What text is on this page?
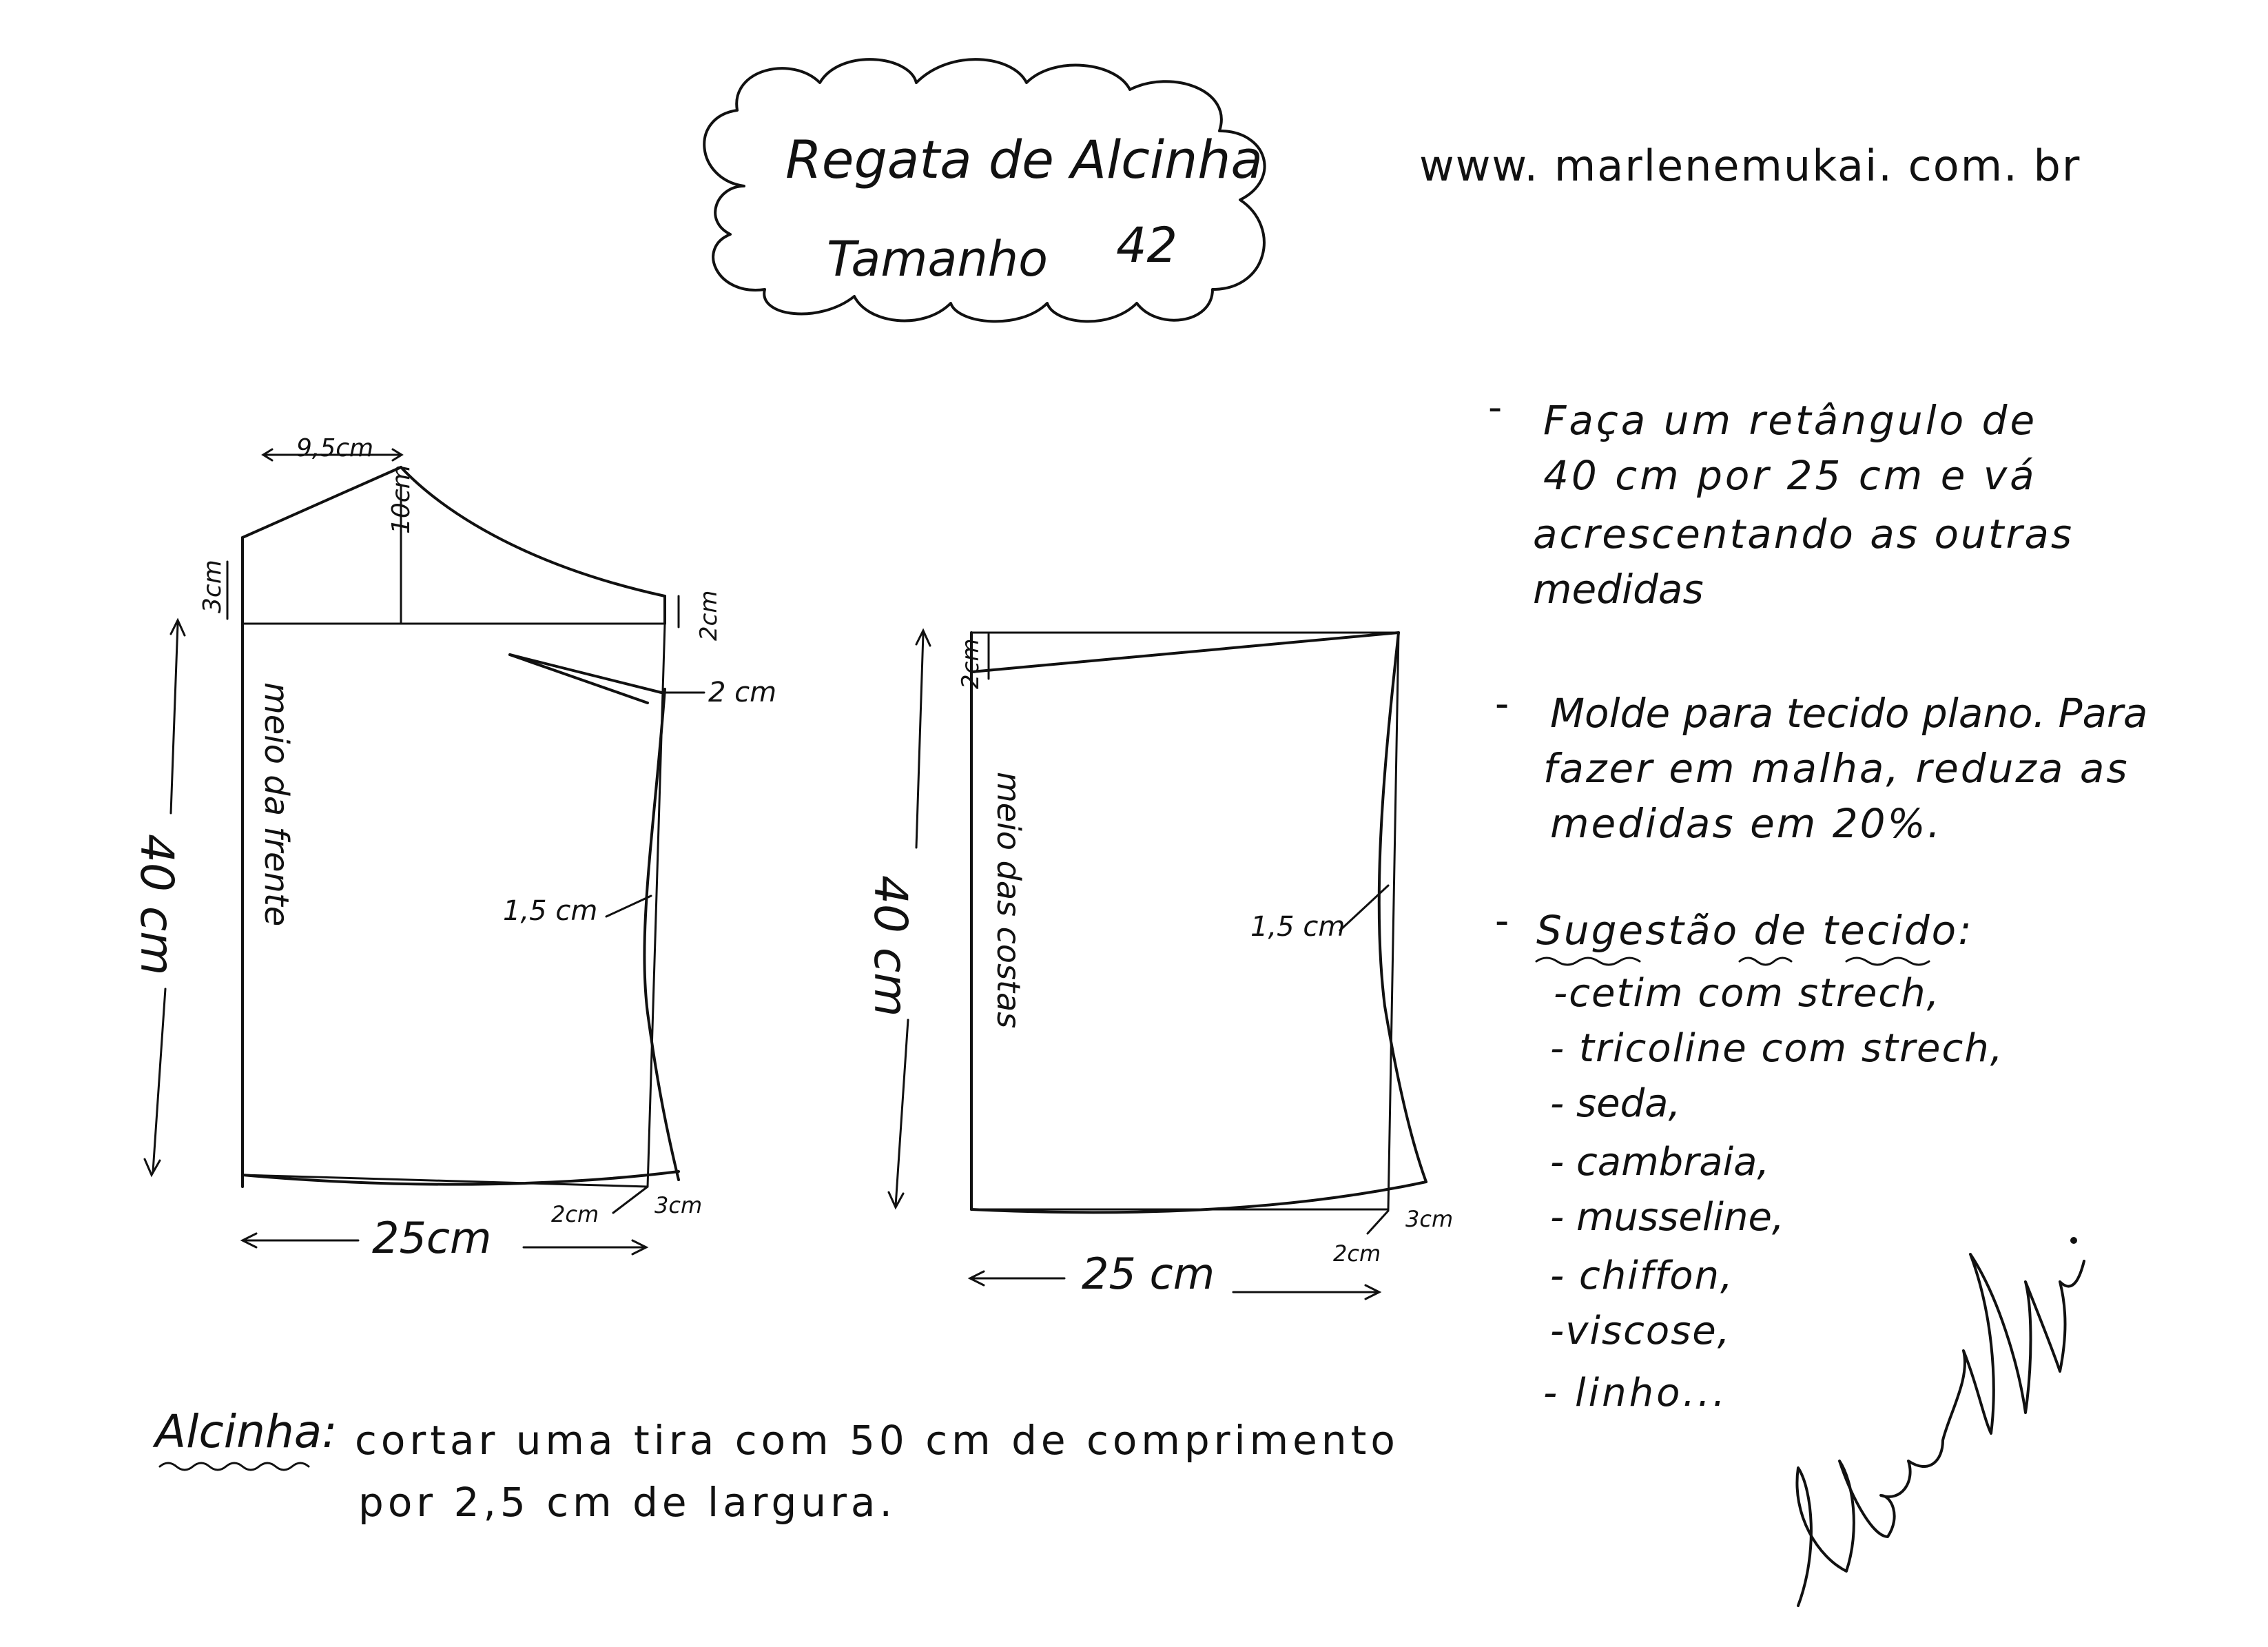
Regata de Alcinha
Tamanho 42
www. marlenemukai. com. br
9,5cm
10cm
3cm
2cm
2 cm
1,5 cm
2cm	3cm
40 cm meio da frente
25cm
2cm
1,5 cm
3cm
2cm
40 cm meio das costas
25 cm
- Faça um retângulo de
40 cm por 25 cm e vá
acrescentando as outras
medidas
- Molde para tecido plano. Para
fazer em malha, reduza as
medidas em 20%.
- Sugestão de tecido:
-cetim com strech,
- tricoline com strech,
- seda,
- cambraia,
- musseline,
- chiffon,
-viscose,
- linho...
Alcinha: cortar uma tira com 50 cm de comprimento
por 2,5 cm de largura.
